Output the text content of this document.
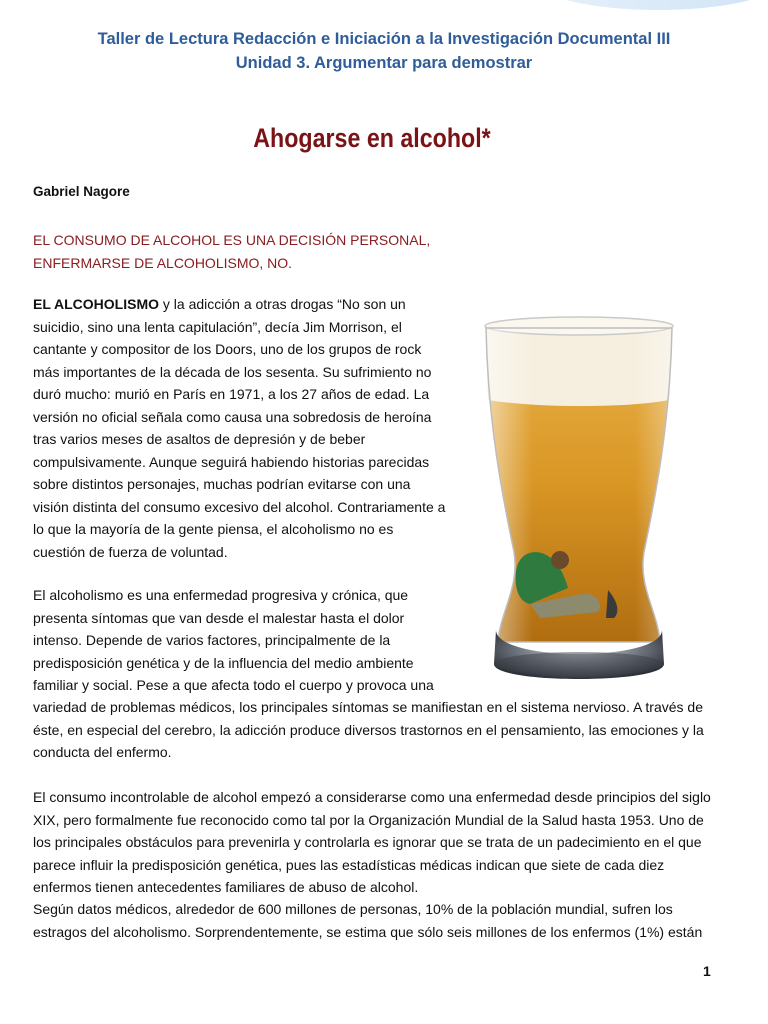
Taller de Lectura Redacción e Iniciación a la Investigación Documental III
Unidad 3. Argumentar para demostrar
Ahogarse en alcohol*
Gabriel Nagore
EL CONSUMO DE ALCOHOL ES UNA DECISIÓN PERSONAL,
ENFERMARSE DE ALCOHOLISMO, NO.
EL ALCOHOLISMO y la adicción a otras drogas “No son un suicidio, sino una lenta capitulación”, decía Jim Morrison, el cantante y compositor de los Doors, uno de los grupos de rock más importantes de la década de los sesenta. Su sufrimiento no duró mucho: murió en París en 1971, a los 27 años de edad. La versión no oficial señala como causa una sobredosis de heroína tras varios meses de asaltos de depresión y de beber compulsivamente. Aunque seguirá habiendo historias parecidas sobre distintos personajes, muchas podrían evitarse con una visión distinta del consumo excesivo del alcohol. Contrariamente a lo que la mayoría de la gente piensa, el alcoholismo no es cuestión de fuerza de voluntad.
El alcoholismo es una enfermedad progresiva y crónica, que presenta síntomas que van desde el malestar hasta el dolor intenso. Depende de varios factores, principalmente de la predisposición genética y de la influencia del medio ambiente familiar y social. Pese a que afecta todo el cuerpo y provoca una
variedad de problemas médicos, los principales síntomas se manifiestan en el sistema nervioso. A través de éste, en especial del cerebro, la adicción produce diversos trastornos en el pensamiento, las emociones y la conducta del enfermo.
El consumo incontrolable de alcohol empezó a considerarse como una enfermedad desde principios del siglo XIX, pero formalmente fue reconocido como tal por la Organización Mundial de la Salud hasta 1953. Uno de los principales obstáculos para prevenirla y controlarla es ignorar que se trata de un padecimiento en el que parece influir la predisposición genética, pues las estadísticas médicas indican que siete de cada diez enfermos tienen antecedentes familiares de abuso de alcohol.
Según datos médicos, alrededor de 600 millones de personas, 10% de la población mundial, sufren los estragos del alcoholismo. Sorprendentemente, se estima que sólo seis millones de los enfermos (1%) están
1
